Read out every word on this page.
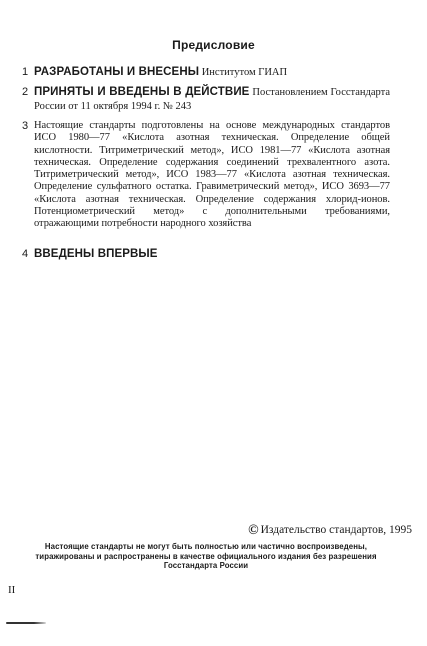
Предисловие
1 РАЗРАБОТАНЫ И ВНЕСЕНЫ Институтом ГИАП
2 ПРИНЯТЫ И ВВЕДЕНЫ В ДЕЙСТВИЕ Постановлением Госстандарта России от 11 октября 1994 г. № 243
3 Настоящие стандарты подготовлены на основе международных стандартов ИСО 1980—77 «Кислота азотная техническая. Определение общей кислотности. Титриметрический метод», ИСО 1981—77 «Кислота азотная техническая. Определение содержания соединений трехвалентного азота. Титриметрический метод», ИСО 1983—77 «Кислота азотная техническая. Определение сульфатного остатка. Гравиметрический метод», ИСО 3693—77 «Кислота азотная техническая. Определение содержания хлорид-ионов. Потенциометрический метод» с дополнительными требованиями, отражающими потребности народного хозяйства
4 ВВЕДЕНЫ ВПЕРВЫЕ
© Издательство стандартов, 1995
Настоящие стандарты не могут быть полностью или частично воспроизведены, тиражированы и распространены в качестве официального издания без разрешения Госстандарта России
II
